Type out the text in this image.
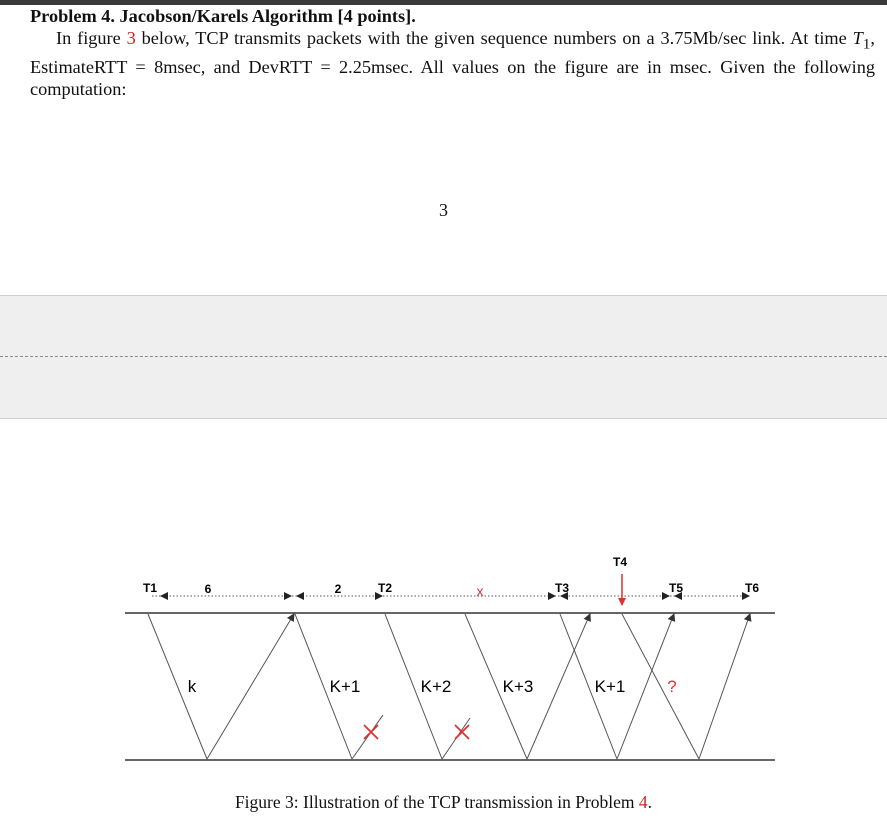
Problem 4. Jacobson/Karels Algorithm [4 points].

In figure 3 below, TCP transmits packets with the given sequence numbers on a 3.75Mb/sec link. At time $T_1$, EstimateRTT = 8msec, and DevRTT = 2.25msec. All values on the figure are in msec. Given the following computation:

3
T1	T2	T3
T4
T5	T6
6	2	x
k	K+1	K+2	K+3	K+1 ?
Figure 3: Illustration of the TCP transmission in Problem 4.
